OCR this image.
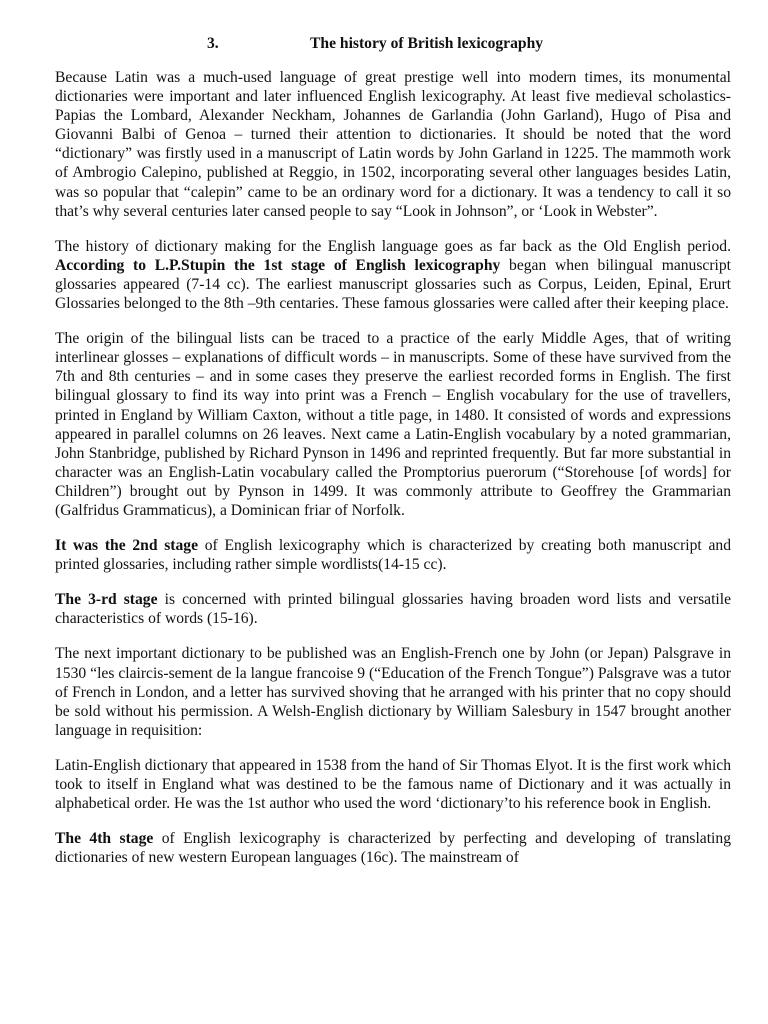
3.	The history of British lexicography

Because Latin was a much-used language of great prestige well into modern times, its monumental dictionaries were important and later influenced English lexicography. At least five medieval scholastics-Papias the Lombard, Alexander Neckham, Johannes de Garlandia (John Garland), Hugo of Pisa and Giovanni Balbi of Genoa – turned their attention to dictionaries. It should be noted that the word “dictionary” was firstly used in a manuscript of Latin words by John Garland in 1225. The mammoth work of Ambrogio Calepino, published at Reggio, in 1502, incorporating several other languages besides Latin, was so popular that “calepin” came to be an ordinary word for a dictionary. It was a tendency to call it so that’s why several centuries later cansed people to say “Look in Johnson”, or ‘Look in Webster”.

The history of dictionary making for the English language goes as far back as the Old English period. According to L.P.Stupin the 1st stage of English lexicography began when bilingual manuscript glossaries appeared (7-14 cc). The earliest manuscript glossaries such as Corpus, Leiden, Epinal, Erurt Glossaries belonged to the 8th –9th centaries. These famous glossaries were called after their keeping place.

The origin of the bilingual lists can be traced to a practice of the early Middle Ages, that of writing interlinear glosses – explanations of difficult words – in manuscripts. Some of these have survived from the 7th and 8th centuries – and in some cases they preserve the earliest recorded forms in English. The first bilingual glossary to find its way into print was a French – English vocabulary for the use of travellers, printed in England by William Caxton, without a title page, in 1480. It consisted of words and expressions appeared in parallel columns on 26 leaves. Next came a Latin-English vocabulary by a noted grammarian, John Stanbridge, published by Richard Pynson in 1496 and reprinted frequently. But far more substantial in character was an English-Latin vocabulary called the Promptorius puerorum (“Storehouse [of words] for Children”) brought out by Pynson in 1499. It was commonly attribute to Geoffrey the Grammarian (Galfridus Grammaticus), a Dominican friar of Norfolk.

It was the 2nd stage of English lexicography which is characterized by creating both manuscript and printed glossaries, including rather simple wordlists(14-15 cc).

The 3-rd stage is concerned with printed bilingual glossaries having broaden word lists and versatile characteristics of words (15-16).

The next important dictionary to be published was an English-French one by John (or Jepan) Palsgrave in 1530 “les claircis-sement de la langue francoise 9 (“Education of the French Tongue”) Palsgrave was a tutor of French in London, and a letter has survived shoving that he arranged with his printer that no copy should be sold without his permission. A Welsh-English dictionary by William Salesbury in 1547 brought another language in requisition:

Latin-English dictionary that appeared in 1538 from the hand of Sir Thomas Elyot. It is the first work which took to itself in England what was destined to be the famous name of Dictionary and it was actually in alphabetical order. He was the 1st author who used the word ‘dictionary’to his reference book in English.

The 4th stage of English lexicography is characterized by perfecting and developing of translating dictionaries of new western European languages (16c). The mainstream of
